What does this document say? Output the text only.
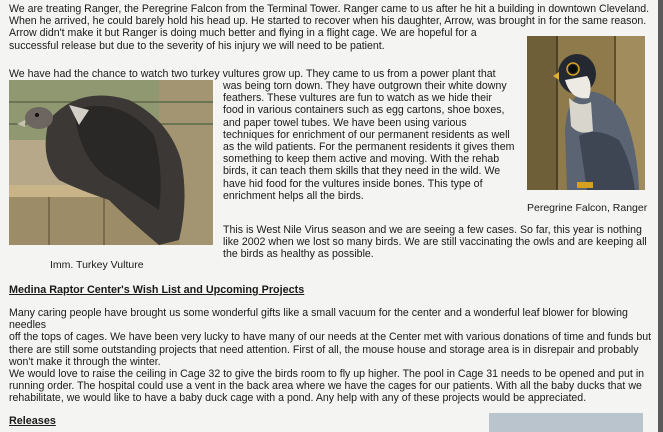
We are treating Ranger, the Peregrine Falcon from the Terminal Tower. Ranger came to us after he hit a building in downtown Cleveland.
When he arrived, he could barely hold his head up. He started to recover when his daughter, Arrow, was brought in for the same reason.
Arrow didn't make it but Ranger is doing much better and flying in a flight cage. We are hopeful for a
successful release but due to the severity of his injury we will need to be patient.
We have had the chance to watch two turkey vultures grow up. They came to us from a power plant that
was being torn down. They have outgrown their white downy
feathers. These vultures are fun to watch as we hide their
food in various containers such as egg cartons, shoe boxes,
and paper towel tubes. We have been using various
techniques for enrichment of our permanent residents as well
as the wild patients. For the permanent residents it gives them
something to keep them active and moving. With the rehab
birds, it can teach them skills that they need in the wild. We
have hid food for the vultures inside bones. This type of
enrichment helps all the birds.
Peregrine Falcon, Ranger
Imm. Turkey Vulture
This is West Nile Virus season and we are seeing a few cases. So far, this year is nothing
like 2002 when we lost so many birds. We are still vaccinating the owls and are keeping all
the birds as healthy as possible.
Medina Raptor Center's Wish List and Upcoming Projects
Many caring people have brought us some wonderful gifts like a small vacuum for the center and a wonderful leaf blower for blowing needles
off the tops of cages. We have been very lucky to have many of our needs at the Center met with various donations of time and funds but
there are still some outstanding projects that need attention. First of all, the mouse house and storage area is in disrepair and probably
won't make it through the winter.
We would love to raise the ceiling in Cage 32 to give the birds room to fly up higher. The pool in Cage 31 needs to be opened and put in
running order. The hospital could use a vent in the back area where we have the cages for our patients. With all the baby ducks that we
rehabilitate, we would like to have a baby duck cage with a pond. Any help with any of these projects would be appreciated.
Releases
